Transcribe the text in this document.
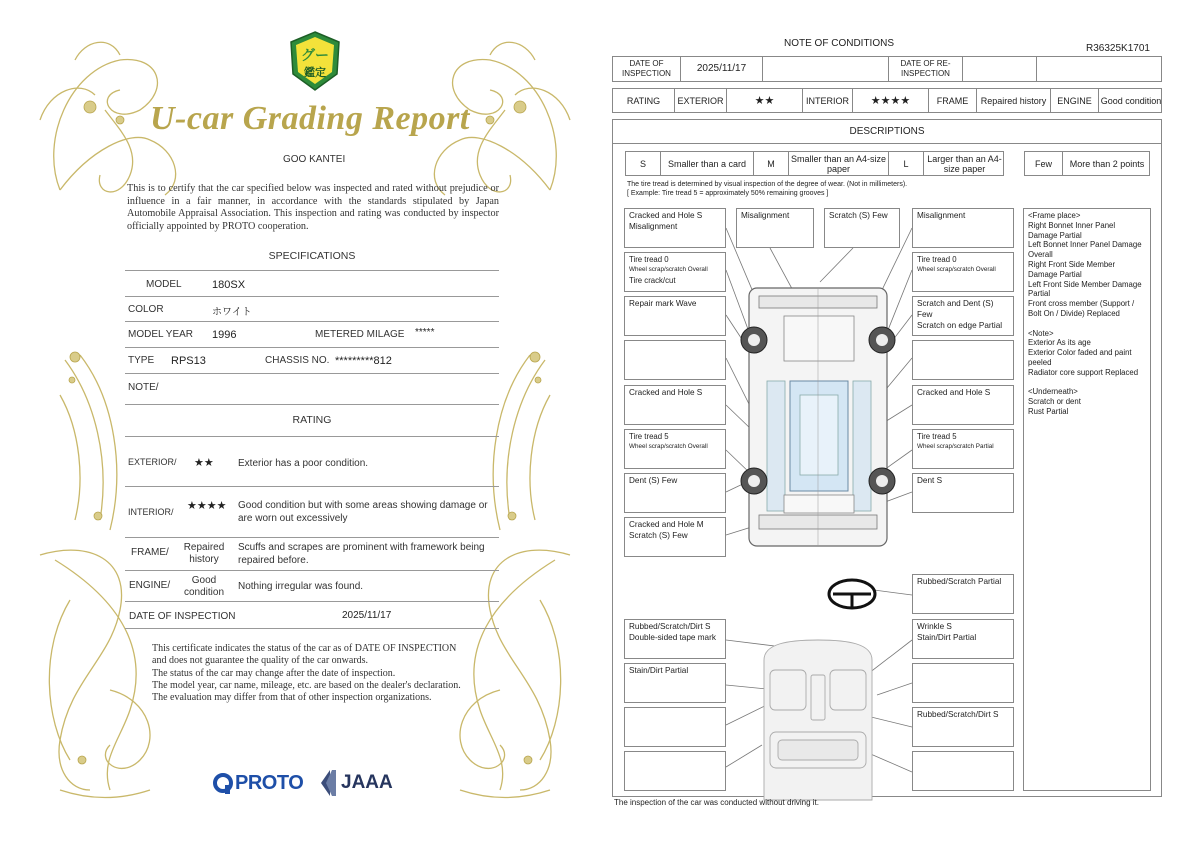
グー
鑑定
U-car Grading Report
GOO KANTEI
This is to certify that the car specified below was inspected and rated without prejudice or influence in a fair manner, in accordance with the standards stipulated by Japan Automobile Appraisal Association. This inspection and rating was conducted by inspector officially appointed by PROTO cooperation.
SPECIFICATIONS
MODEL	180SX
COLOR	ホワイト
MODEL YEAR 1996	METERED MILAGE *****
TYPE RPS13	CHASSIS NO. *********812
NOTE/
RATING
EXTERIOR/ ★★ Exterior has a poor condition.
INTERIOR/ ★★★★ Good condition but with some areas showing damage or are worn out excessively
FRAME/	Repaired history
Scuffs and scrapes are prominent with framework being repaired before.
ENGINE/	Good condition
Nothing irregular was found.
DATE OF INSPECTION	2025/11/17
This certificate indicates the status of the car as of DATE OF INSPECTION and does not guarantee the quality of the car onwards.
The status of the car may change after the date of inspection.
The model year, car name, mileage, etc. are based on the dealer's declaration.
The evaluation may differ from that of other inspection organizations.
PROTO JAAA
NOTE OF CONDITIONS	R36325K1701
DATE OF INSPECTION	2025/11/17	DATE OF RE-INSPECTION
RATING	EXTERIOR	★★	INTERIOR	★★★★	FRAME	Repaired history	ENGINE Good condition
DESCRIPTIONS
S	Smaller than a card	M	Smaller than an A4-size paper	L	Larger than an A4-size paper	Few	More than 2 points
The tire tread is determined by visual inspection of the degree of wear. (Not in millimeters).
[ Example: Tire tread 5 = approximately 50% remaining grooves ]
Misalignment	Scratch (S) Few
Cracked and Hole S
Misalignment
Tire tread 0
Wheel scrap/scratch Overall
Tire crack/cut
Repair mark Wave
Cracked and Hole S
Tire tread 5
Wheel scrap/scratch Overall
Dent (S) Few
Cracked and Hole M
Scratch (S) Few
Misalignment
Tire tread 0
Wheel scrap/scratch Overall
Scratch and Dent (S) Few
Scratch on edge Partial
Cracked and Hole S
Tire tread 5
Wheel scrap/scratch Partial
Dent S
Rubbed/Scratch Partial
Wrinkle S
Stain/Dirt Partial
Rubbed/Scratch/Dirt S
Rubbed/Scratch/Dirt S
Double-sided tape mark
Stain/Dirt Partial
<Frame place>
Right Bonnet Inner Panel Damage Partial
Left Bonnet Inner Panel Damage Overall
Right Front Side Member Damage Partial
Left Front Side Member Damage Partial
Front cross member (Support / Bolt On / Divide) Replaced

<Note>
Exterior As its age
Exterior Color faded and paint peeled
Radiator core support Replaced

<Underneath>
Scratch or dent
Rust Partial
The inspection of the car was conducted without driving it.
